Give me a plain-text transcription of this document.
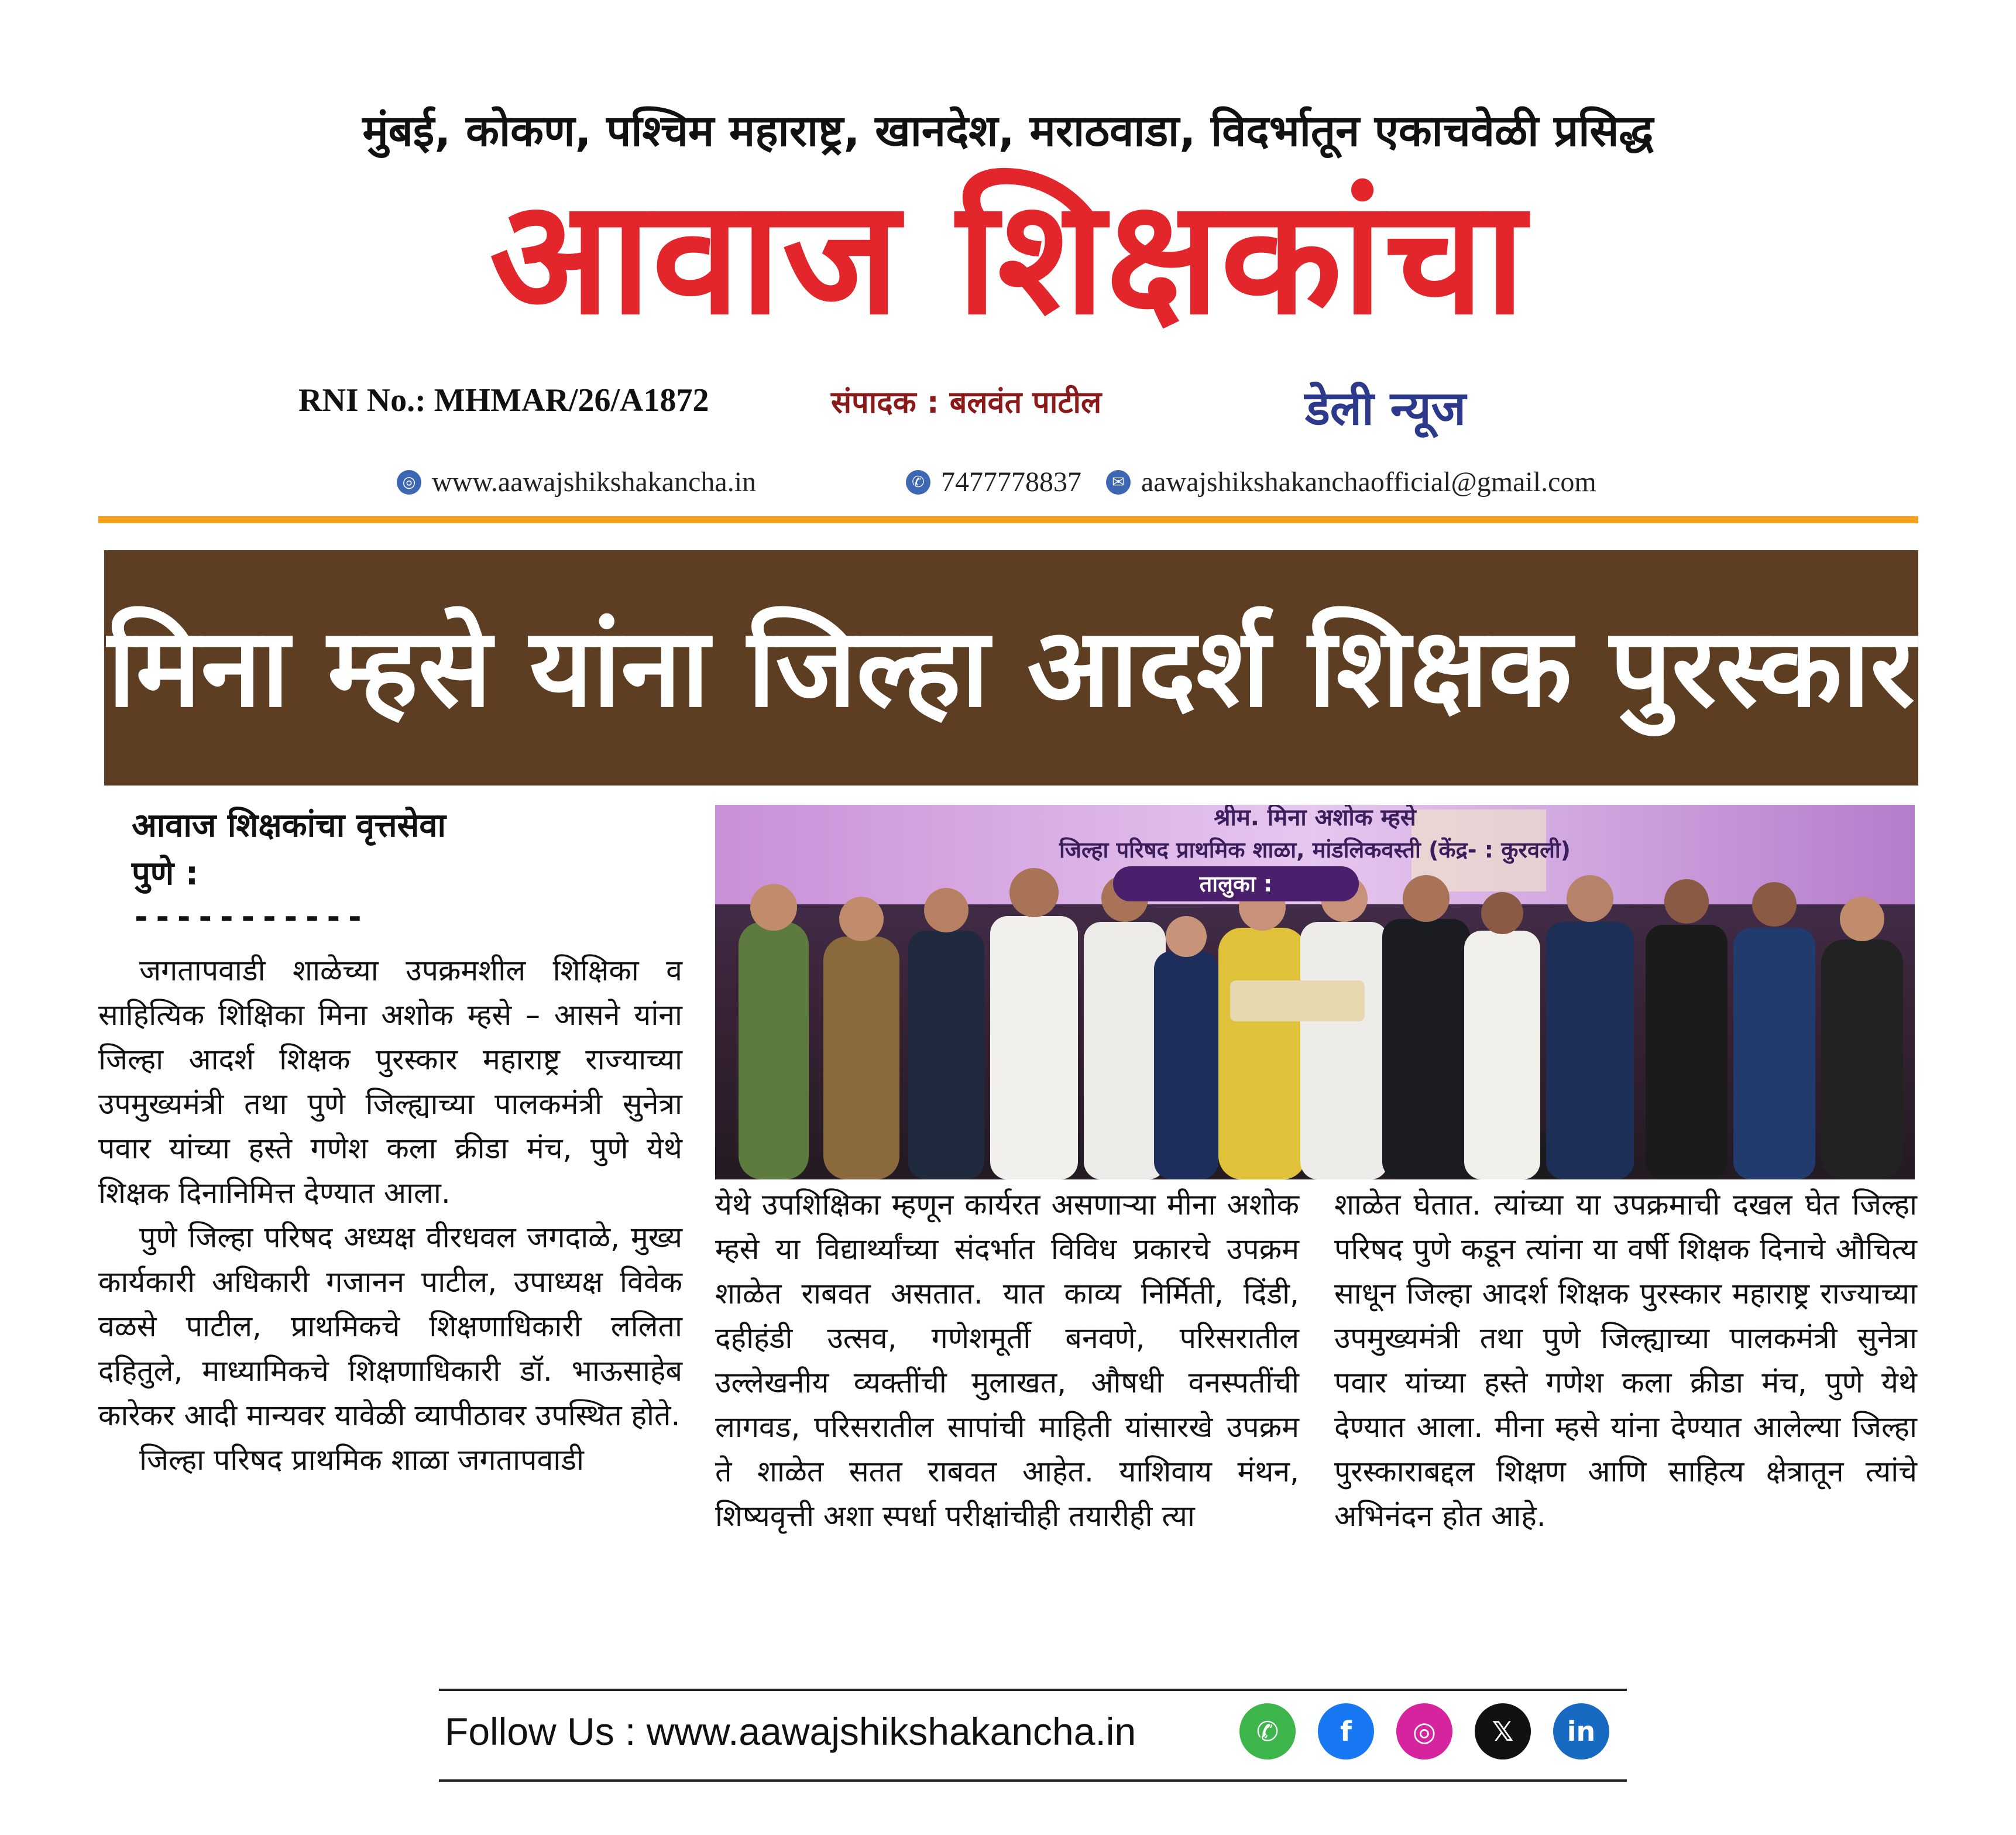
मुंबई, कोकण, पश्चिम महाराष्ट्र, खानदेश, मराठवाडा, विदर्भातून एकाचवेळी प्रसिद्ध
आवाज शिक्षकांचा
RNI No.: MHMAR/26/A1872	संपादक : बलवंत पाटील	डेली न्यूज
◎ www.aawajshikshakancha.in	✆ 7477778837	✉ aawajshikshakanchaofficial@gmail.com
मिना म्हसे यांना जिल्हा आदर्श शिक्षक पुरस्कार
आवाज शिक्षकांचा वृत्तसेवा
पुणे :
-----------

जगतापवाडी शाळेच्या उपक्रमशील शिक्षिका व साहित्यिक शिक्षिका मिना अशोक म्हसे – आसने यांना जिल्हा आदर्श शिक्षक पुरस्कार महाराष्ट्र राज्याच्या उपमुख्यमंत्री तथा पुणे जिल्ह्याच्या पालकमंत्री सुनेत्रा पवार यांच्या हस्ते गणेश कला क्रीडा मंच, पुणे येथे शिक्षक दिनानिमित्त देण्यात आला.

पुणे जिल्हा परिषद अध्यक्ष वीरधवल जगदाळे, मुख्य कार्यकारी अधिकारी गजानन पाटील, उपाध्यक्ष विवेक वळसे पाटील, प्राथमिकचे शिक्षणाधिकारी ललिता दहितुले, माध्यामिकचे शिक्षणाधिकारी डॉ. भाऊसाहेब कारेकर आदी मान्यवर यावेळी व्यापीठावर उपस्थित होते.

जिल्हा परिषद प्राथमिक शाळा जगतापवाडी

श्रीम. मिना अशोक म्हसे
जिल्हा परिषद प्राथमिक शाळा, मांडलिकवस्ती (केंद्र- : कुरवली)
तालुका :

येथे उपशिक्षिका म्हणून कार्यरत असणाऱ्या मीना अशोक म्हसे या विद्यार्थ्यांच्या संदर्भात विविध प्रकारचे उपक्रम शाळेत राबवत असतात. यात काव्य निर्मिती, दिंडी, दहीहंडी उत्सव, गणेशमूर्ती बनवणे, परिसरातील उल्लेखनीय व्यक्तींची मुलाखत, औषधी वनस्पतींची लागवड, परिसरातील सापांची माहिती यांसारखे उपक्रम ते शाळेत सतत राबवत आहेत. याशिवाय मंथन, शिष्यवृत्ती अशा स्पर्धा परीक्षांचीही तयारीही त्या

शाळेत घेतात. त्यांच्या या उपक्रमाची दखल घेत जिल्हा परिषद पुणे कडून त्यांना या वर्षी शिक्षक दिनाचे औचित्य साधून जिल्हा आदर्श शिक्षक पुरस्कार महाराष्ट्र राज्याच्या उपमुख्यमंत्री तथा पुणे जिल्ह्याच्या पालकमंत्री सुनेत्रा पवार यांच्या हस्ते गणेश कला क्रीडा मंच, पुणे येथे देण्यात आला. मीना म्हसे यांना देण्यात आलेल्या जिल्हा पुरस्काराबद्दल शिक्षण आणि साहित्य क्षेत्रातून त्यांचे अभिनंदन होत आहे.

Follow Us : www.aawajshikshakancha.in	✆	f	◎	𝕏	in
